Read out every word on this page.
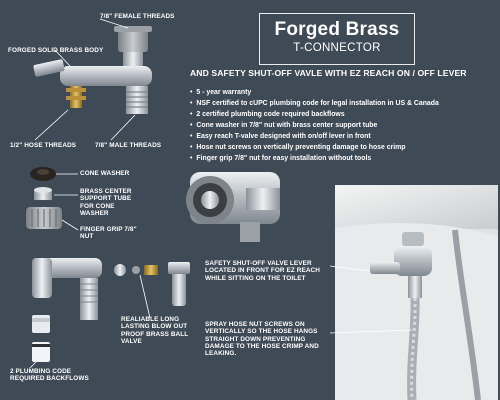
Forged Brass
T-CONNECTOR
AND SAFETY SHUT-OFF VAVLE WITH EZ REACH ON / OFF LEVER
• 5 - year warranty
• NSF certified to cUPC plumbing code for legal installation in US & Canada
• 2 certified plumbing code required backflows
• Cone washer in 7/8" nut with brass center support tube
• Easy reach T-valve designed with on/off lever in front
• Hose nut screws on vertically preventing damage to hose crimp
• Finger grip 7/8" nut for easy installation without tools
7/8" FEMALE THREADS
FORGED SOLID BRASS BODY
1/2" HOSE THREADS	7/8" MALE THREADS
CONE WASHER
BRASS CENTER SUPPORT TUBE FOR CONE WASHER
FINGER GRIP 7/8" NUT
REALIABLE LONG LASTING BLOW OUT PROOF BRASS BALL VALVE
2 PLUMBING CODE REQUIRED BACKFLOWS
SAFETY SHUT-OFF VALVE LEVER LOCATED IN FRONT FOR EZ REACH WHILE SITTING ON THE TOILET
SPRAY HOSE NUT SCREWS ON VERTICALLY SO THE HOSE HANGS STRAIGHT DOWN PREVENTING DAMAGE TO THE HOSE CRIMP AND LEAKING.
